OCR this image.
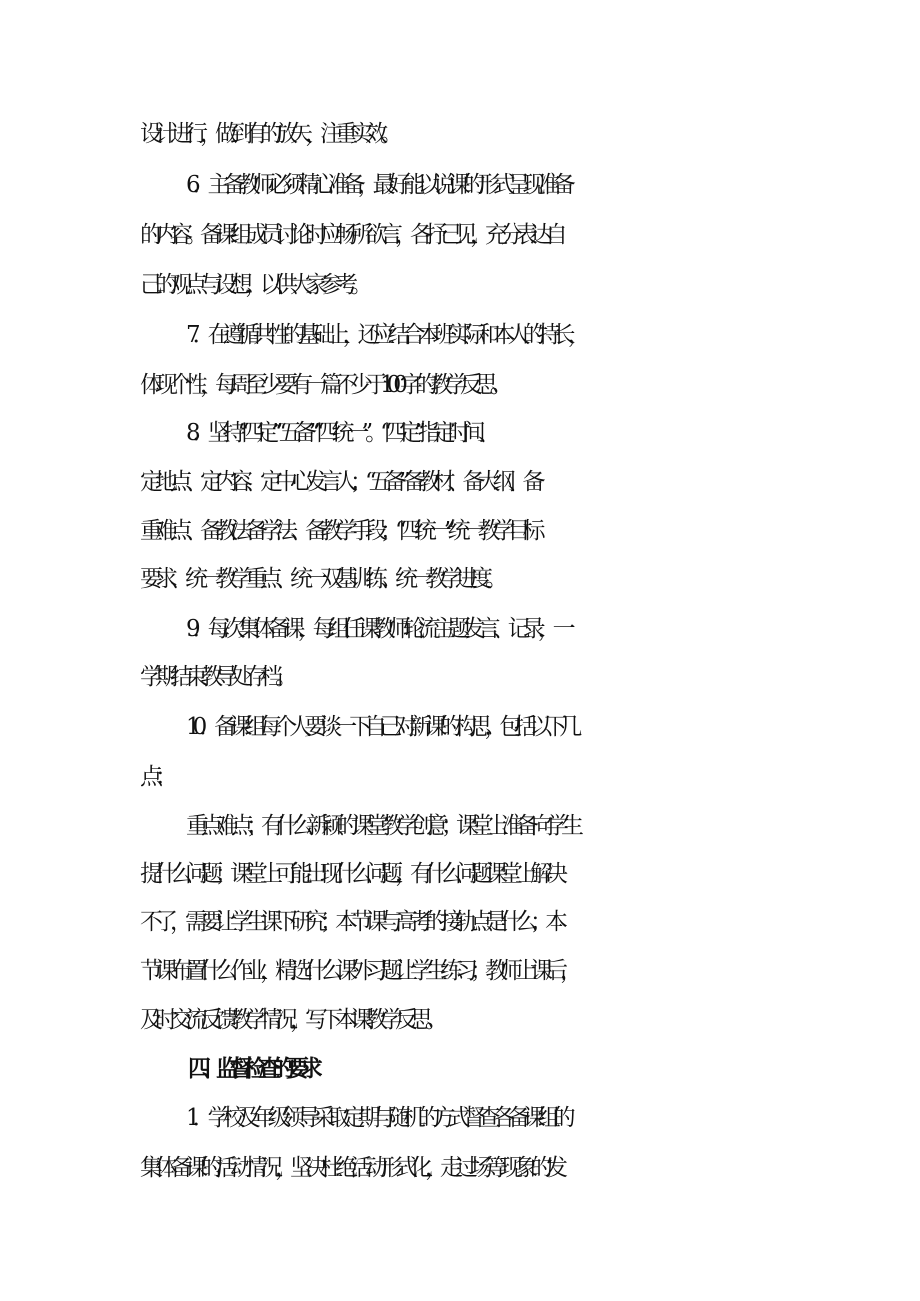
设计进行，做到有的放矢，注重实效。
6．主备教师必须精心准备，最好能以说课的形式呈现准备
的内容。备课组成员讨论时应畅所欲言，各抒己见，充分表达自
己的观点与设想，以供大家参考。
7．在遵循共性的基础上，还应结合本班实际和本人的特长，
体现个性，每周至少要有一篇不少于100字的教学反思。
8．坚持“四定”“五备”“四统一”。“四定”指定时间、
定地点、定内容、定中心发言人；“五备”备教材、备大纲、备
重难点、备教法备学法、备教学手段；“四统一”统一教学目标
要求、统一教学重点、统一双基训练、统一教学进度。
9．每次集体备课，每组任课教师轮流主题发言、记录，一
学期结束教导处存档。
10．备课组每个人要谈一下自己对新课的构思，包括以下几
点：
重点难点；有什么新颖的课堂教学创意；课堂上准备向学生
提什么问题；课堂上可能出现什么问题，有什么问题课堂上解决
不了，需要让学生课下研究；本节课与高考的接轨点是什么；本
节课布置什么作业，精选什么课外习题让学生练习；教师上课后，
及时交流反馈教学情况，写下本课教学反思。
四、监督检查的要求
1．学校及年级领导采取定期与随机的方式督查各备课组的
集体备课的活动情况，坚决杜绝活动形式化，走过场等现象的发
